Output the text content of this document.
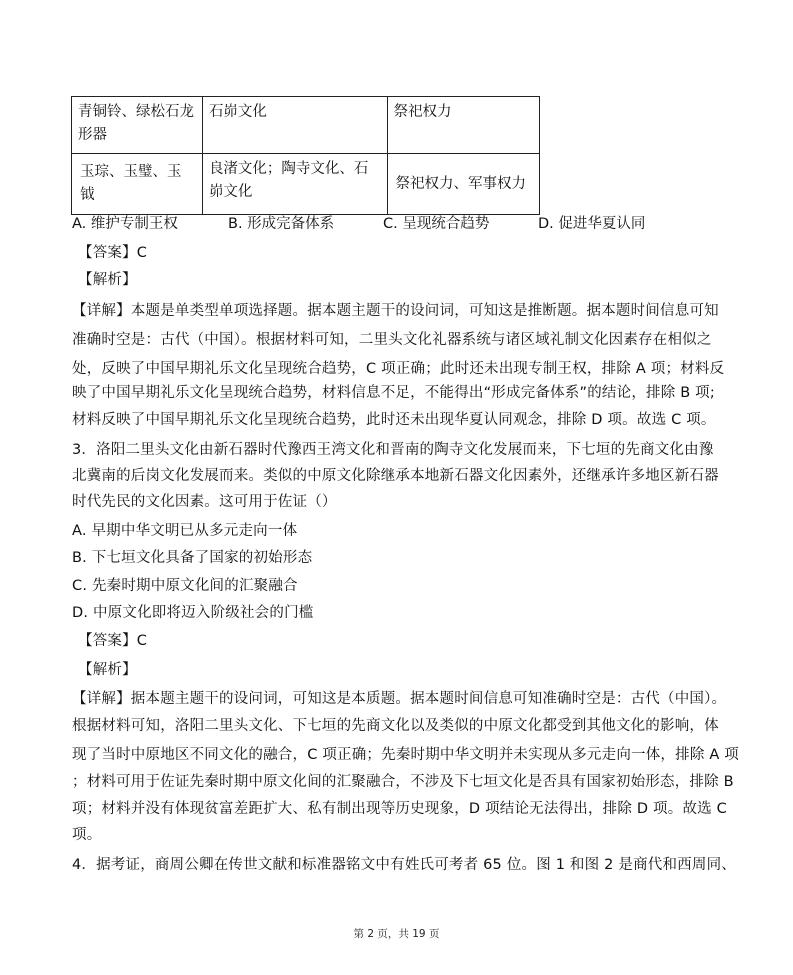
青铜铃、绿松石龙形器	石峁文化	祭祀权力
玉琮、玉璧、玉钺	良渚文化；陶寺文化、石峁文化	祭祀权力、军事权力
A. 维护专制王权	B. 形成完备体系	C. 呈现统合趋势	D. 促进华夏认同
【答案】C
【解析】
【详解】本题是单类型单项选择题。据本题主题干的设问词，可知这是推断题。据本题时间信息可知
准确时空是：古代（中国）。根据材料可知，二里头文化礼器系统与诸区域礼制文化因素存在相似之
处，反映了中国早期礼乐文化呈现统合趋势，C 项正确；此时还未出现专制王权，排除 A 项；材料反
映了中国早期礼乐文化呈现统合趋势，材料信息不足，不能得出“形成完备体系”的结论，排除 B 项;
材料反映了中国早期礼乐文化呈现统合趋势，此时还未出现华夏认同观念，排除 D 项。故选 C 项。
3．洛阳二里头文化由新石器时代豫西王湾文化和晋南的陶寺文化发展而来，下七垣的先商文化由豫
北冀南的后岗文化发展而来。类似的中原文化除继承本地新石器文化因素外，还继承许多地区新石器
时代先民的文化因素。这可用于佐证（）
A. 早期中华文明已从多元走向一体
B. 下七垣文化具备了国家的初始形态
C. 先秦时期中原文化间的汇聚融合
D. 中原文化即将迈入阶级社会的门槛
【答案】C
【解析】
【详解】据本题主题干的设问词，可知这是本质题。据本题时间信息可知准确时空是：古代（中国）。
根据材料可知，洛阳二里头文化、下七垣的先商文化以及类似的中原文化都受到其他文化的影响，体
现了当时中原地区不同文化的融合，C 项正确；先秦时期中华文明并未实现从多元走向一体，排除 A 项
；材料可用于佐证先秦时期中原文化间的汇聚融合，不涉及下七垣文化是否具有国家初始形态，排除 B
项；材料并没有体现贫富差距扩大、私有制出现等历史现象，D 项结论无法得出，排除 D 项。故选 C
项。
4．据考证，商周公卿在传世文献和标准器铭文中有姓氏可考者 65 位。图 1 和图 2 是商代和西周同、
第 2 页，共 19 页
